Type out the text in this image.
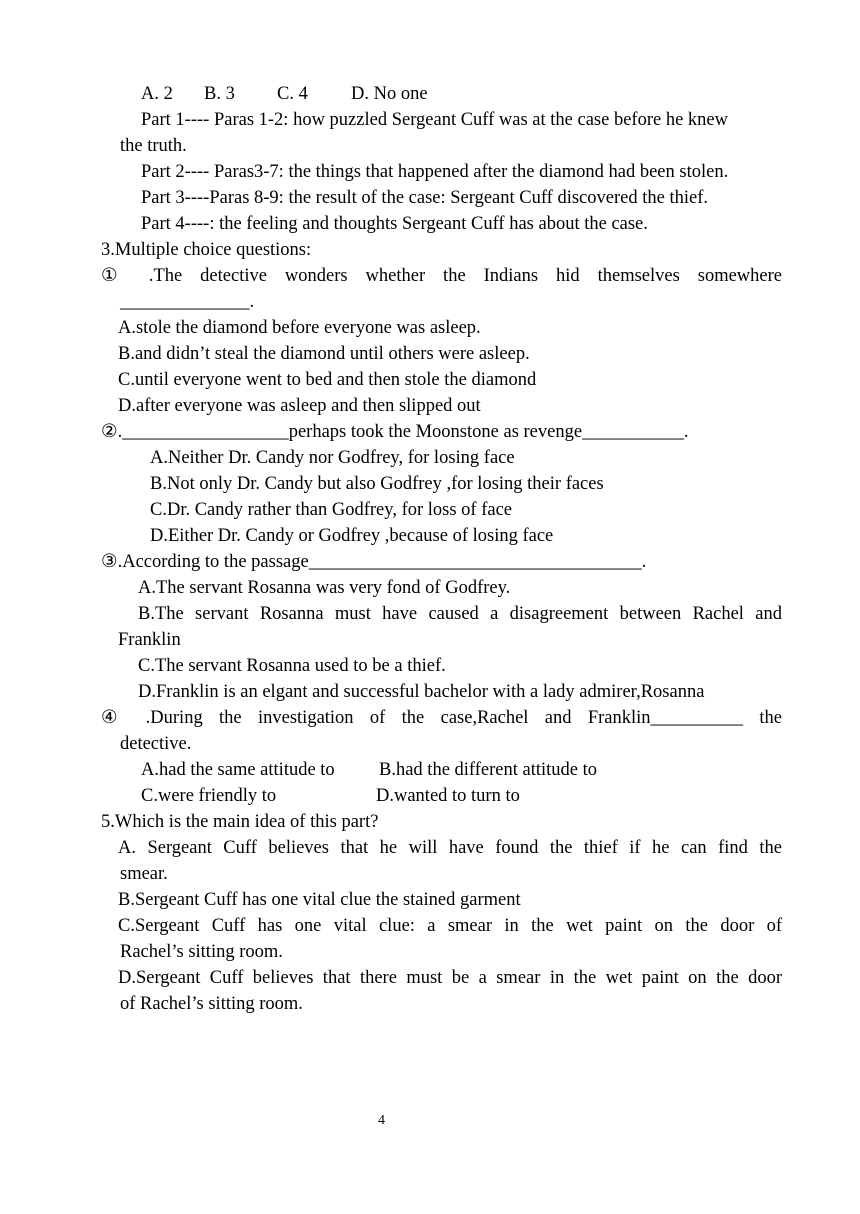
A. 2 B. 3 C. 4 D. No one
Part 1---- Paras 1-2: how puzzled Sergeant Cuff was at the case before he knew
the truth.
Part 2---- Paras3-7: the things that happened after the diamond had been stolen.
Part 3----Paras 8-9: the result of the case: Sergeant Cuff discovered the thief.
Part 4----: the feeling and thoughts Sergeant Cuff has about the case.
3.Multiple choice questions:
① .The detective wonders whether the Indians hid themselves somewhere
______________.
A.stole the diamond before everyone was asleep.
B.and didn’t steal the diamond until others were asleep.
C.until everyone went to bed and then stole the diamond
D.after everyone was asleep and then slipped out
②.__________________perhaps took the Moonstone as revenge___________.
A.Neither Dr. Candy nor Godfrey, for losing face
B.Not only Dr. Candy but also Godfrey ,for losing their faces
C.Dr. Candy rather than Godfrey, for loss of face
D.Either Dr. Candy or Godfrey ,because of losing face
③.According to the passage____________________________________.
A.The servant Rosanna was very fond of Godfrey.
B.The servant Rosanna must have caused a disagreement between Rachel and
Franklin
C.The servant Rosanna used to be a thief.
D.Franklin is an elgant and successful bachelor with a lady admirer,Rosanna
④ .During the investigation of the case,Rachel and Franklin__________ the
detective.
A.had the same attitude to B.had the different attitude to
C.were friendly to	D.wanted to turn to
5.Which is the main idea of this part?
A. Sergeant Cuff believes that he will have found the thief if he can find the
smear.
B.Sergeant Cuff has one vital clue the stained garment
C.Sergeant Cuff has one vital clue: a smear in the wet paint on the door of
Rachel’s sitting room.
D.Sergeant Cuff believes that there must be a smear in the wet paint on the door
of Rachel’s sitting room.
4
